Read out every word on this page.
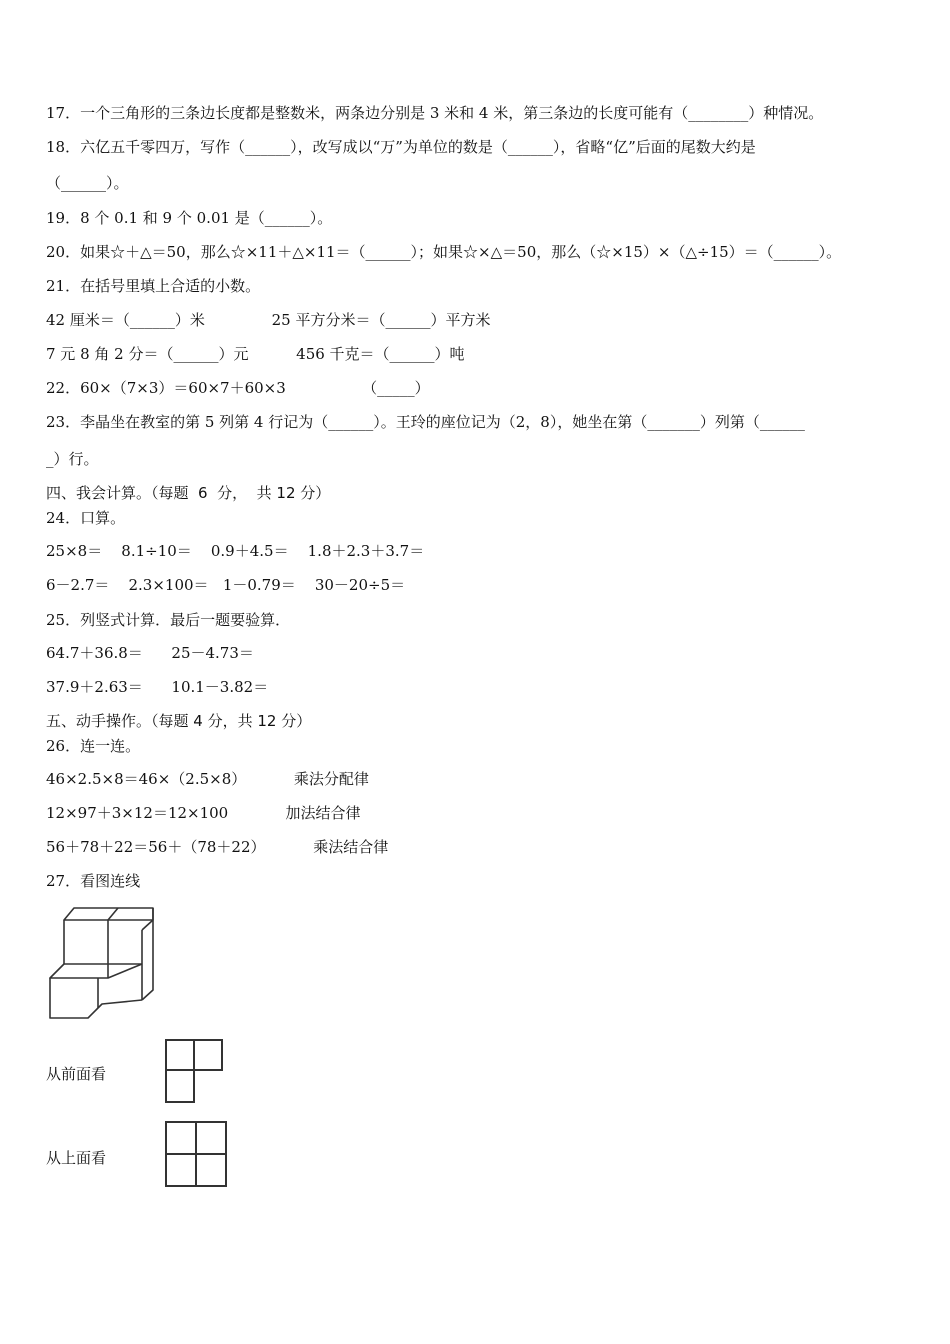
17．一个三角形的三条边长度都是整数米，两条边分别是 3 米和 4 米，第三条边的长度可能有（________）种情况。
18．六亿五千零四万，写作（______），改写成以“万”为单位的数是（______），省略“亿”后面的尾数大约是
（______）。
19．8 个 0.1 和 9 个 0.01 是（______）。
20．如果☆＋△＝50，那么☆×11＋△×11＝（______）；如果☆×△＝50，那么（☆×15）×（△÷15）＝（______）。
21．在括号里填上合适的小数。
42 厘米＝（______）米              25 平方分米＝（______）平方米
7 元 8 角 2 分＝（______）元          456 千克＝（______）吨
22．60×（7×3）＝60×7＋60×3                （_____）
23．李晶坐在教室的第 5 列第 4 行记为（______）。王玲的座位记为（2，8），她坐在第（_______）列第（______
_）行。
四、我会计算。（每题  6  分，  共 12 分）
24．口算。
25×8＝    8.1÷10＝    0.9＋4.5＝    1.8＋2.3＋3.7＝
6－2.7＝    2.3×100＝   1－0.79＝    30－20÷5＝
25．列竖式计算．最后一题要验算．
64.7＋36.8＝      25－4.73＝
37.9＋2.63＝      10.1－3.82＝
五、动手操作。（每题 4 分，共 12 分）
26．连一连。
46×2.5×8＝46×（2.5×8）          乘法分配律
12×97＋3×12＝12×100            加法结合律
56＋78＋22＝56＋（78＋22）          乘法结合律
27．看图连线
从前面看
从上面看
